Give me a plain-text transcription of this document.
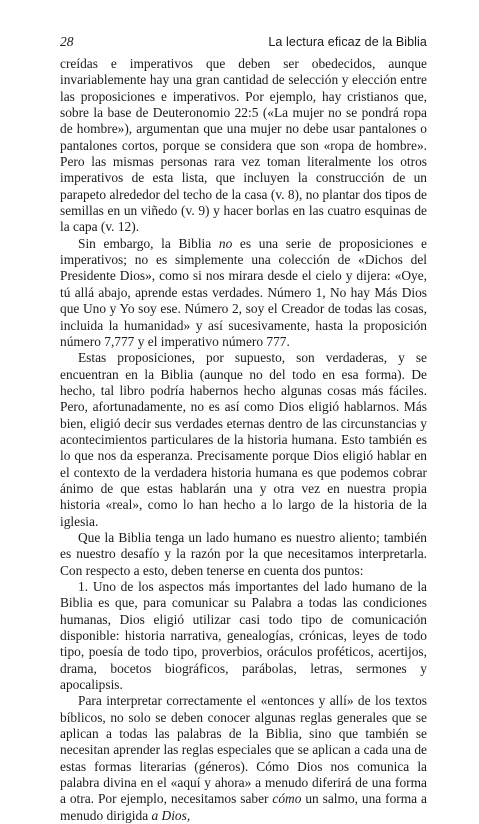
28	La lectura eficaz de la Biblia

creídas e imperativos que deben ser obedecidos, aunque invariablemente hay una gran cantidad de selección y elección entre las proposiciones e imperativos. Por ejemplo, hay cristianos que, sobre la base de Deuteronomio 22:5 («La mujer no se pondrá ropa de hombre»), argumentan que una mujer no debe usar pantalones o pantalones cortos, porque se considera que son «ropa de hombre». Pero las mismas personas rara vez toman literalmente los otros imperativos de esta lista, que incluyen la construcción de un parapeto alrededor del techo de la casa (v. 8), no plantar dos tipos de semillas en un viñedo (v. 9) y hacer borlas en las cuatro esquinas de la capa (v. 12).

Sin embargo, la Biblia no es una serie de proposiciones e imperativos; no es simplemente una colección de «Dichos del Presidente Dios», como si nos mirara desde el cielo y dijera: «Oye, tú allá abajo, aprende estas verdades. Número 1, No hay Más Dios que Uno y Yo soy ese. Número 2, soy el Creador de todas las cosas, incluida la humanidad» y así sucesivamente, hasta la proposición número 7,777 y el imperativo número 777.

Estas proposiciones, por supuesto, son verdaderas, y se encuentran en la Biblia (aunque no del todo en esa forma). De hecho, tal libro podría habernos hecho algunas cosas más fáciles. Pero, afortunadamente, no es así como Dios eligió hablarnos. Más bien, eligió decir sus verdades eternas dentro de las circunstancias y acontecimientos particulares de la historia humana. Esto también es lo que nos da esperanza. Precisamente porque Dios eligió hablar en el contexto de la verdadera historia humana es que podemos cobrar ánimo de que estas hablarán una y otra vez en nuestra propia historia «real», como lo han hecho a lo largo de la historia de la iglesia.

Que la Biblia tenga un lado humano es nuestro aliento; también es nuestro desafío y la razón por la que necesitamos interpretarla. Con respecto a esto, deben tenerse en cuenta dos puntos:

1. Uno de los aspectos más importantes del lado humano de la Biblia es que, para comunicar su Palabra a todas las condiciones humanas, Dios eligió utilizar casi todo tipo de comunicación disponible: historia narrativa, genealogías, crónicas, leyes de todo tipo, poesía de todo tipo, proverbios, oráculos proféticos, acertijos, drama, bocetos biográficos, parábolas, letras, sermones y apocalipsis.

Para interpretar correctamente el «entonces y allí» de los textos bíblicos, no solo se deben conocer algunas reglas generales que se aplican a todas las palabras de la Biblia, sino que también se necesitan aprender las reglas especiales que se aplican a cada una de estas formas literarias (géneros). Cómo Dios nos comunica la palabra divina en el «aquí y ahora» a menudo diferirá de una forma a otra. Por ejemplo, necesitamos saber cómo un salmo, una forma a menudo dirigida a Dios,
